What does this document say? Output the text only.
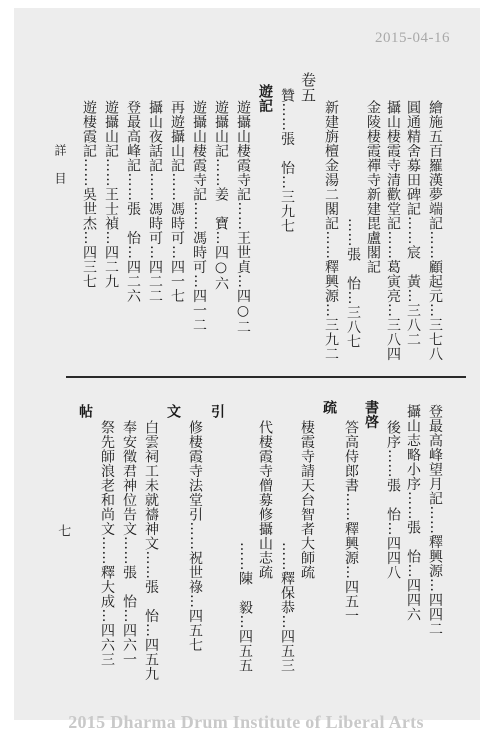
2015-04-16
詳 目
七
繪施五百羅漢夢端記……顧起元…三七八
圓通精舍募田碑記……宸　黃…三八二
攝山棲霞寺清歡堂記……葛寅亮…三八四
金陵棲霞禪寺新建毘盧閣記
……張　怡…三八七
新建旃檀金湯二閣記……釋興源…三九二
卷五
贊……張　怡…三九七
遊記
遊攝山棲霞寺記……王世貞…四○二
遊攝山記……姜　寶…四○六
遊攝山棲霞寺記……馮時可…四一二
再遊攝山記……馮時可…四一七
攝山夜話記……馮時可…四二二
登最高峰記……張　怡…四二六
遊攝山記……王士禎…四二九
遊棲霞記……吳世杰…四三七
登最高峰望月記……釋興源…四四二
攝山志略小序……張　怡…四四六
後序……張　怡…四四八
書啓
答高侍郎書……釋興源…四五一
疏
棲霞寺請天台智者大師疏
……釋保恭…四五三
代棲霞寺僧募修攝山志疏
……陳　毅…四五五
引
修棲霞寺法堂引……祝世祿…四五七
文
白雲祠工未就禱神文……張　怡…四五九
奉安徵君神位告文……張　怡…四六一
祭先師浪老和尚文……釋大成…四六三
帖
2015 Dharma Drum Institute of Liberal Arts
